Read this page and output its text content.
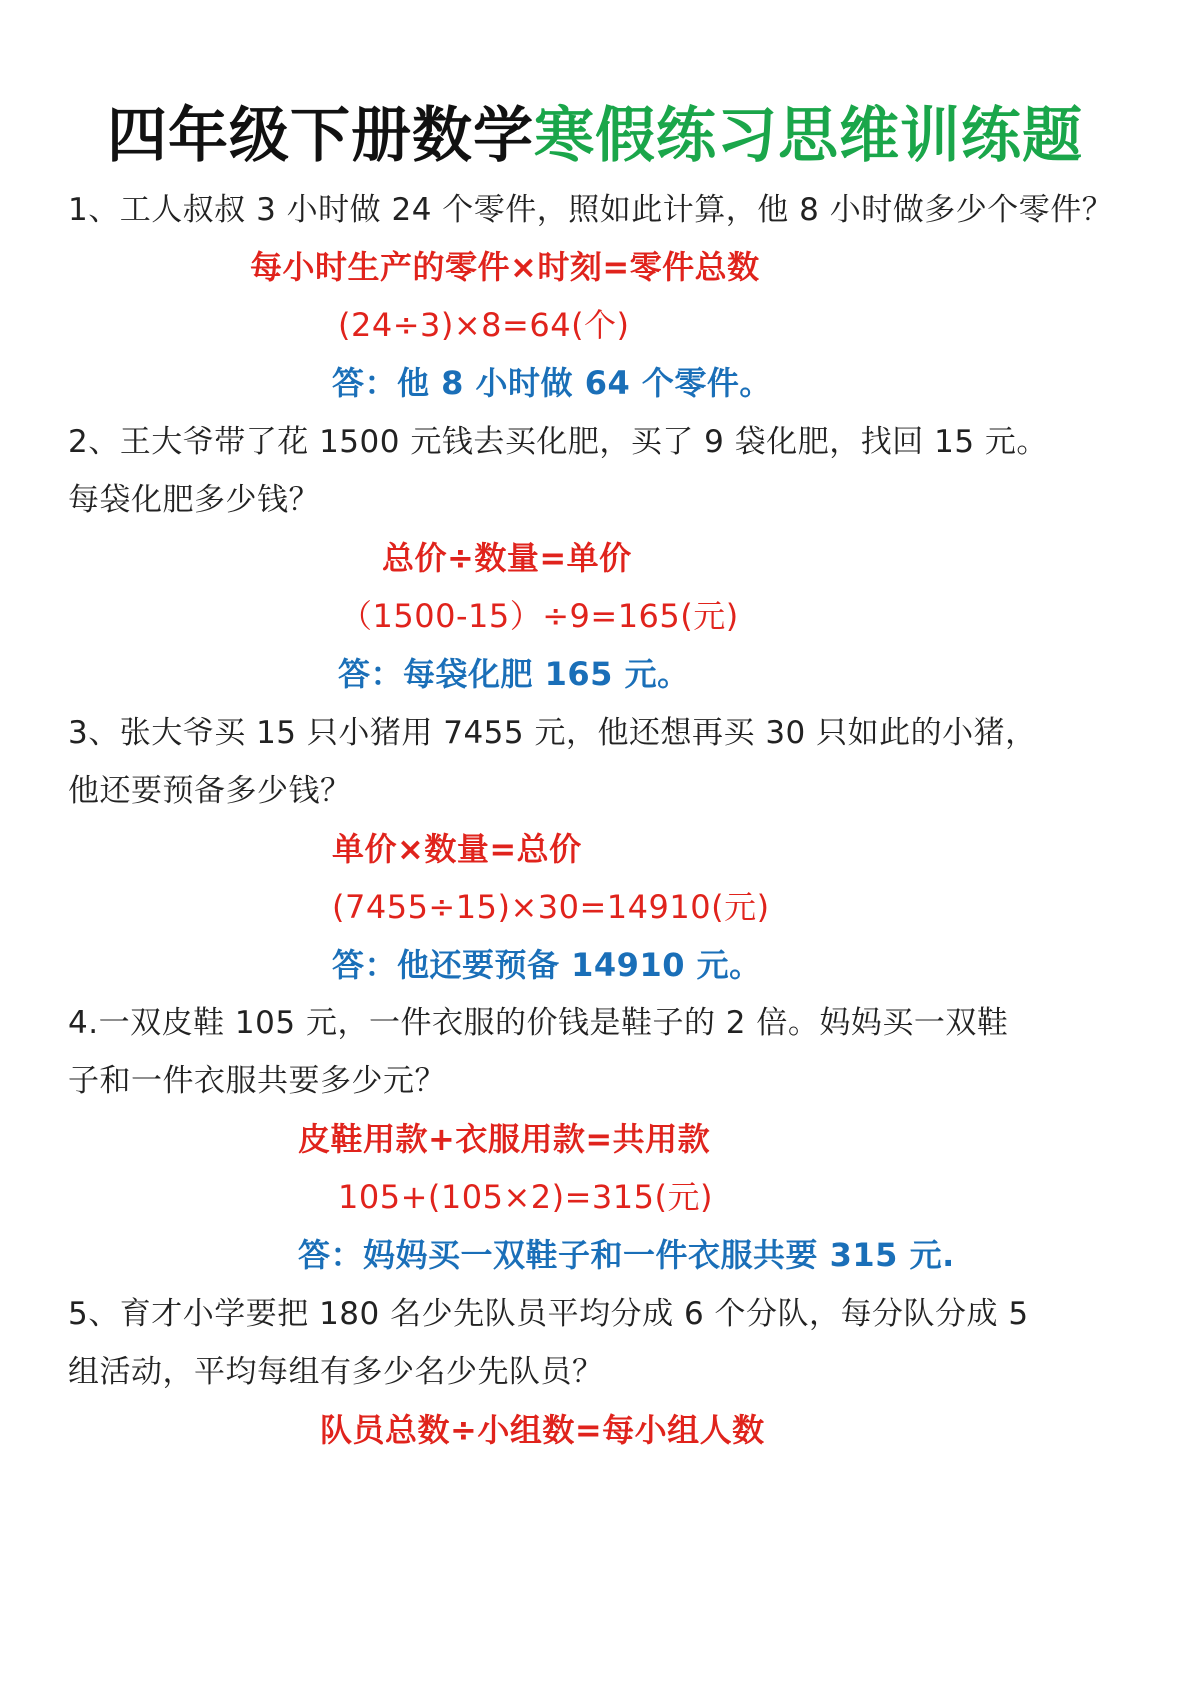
四年级下册数学寒假练习思维训练题
1、工人叔叔 3 小时做 24 个零件，照如此计算，他 8 小时做多少个零件？
每小时生产的零件×时刻=零件总数
(24÷3)×8=64(个)
答：他 8 小时做 64 个零件。
2、王大爷带了花 1500 元钱去买化肥，买了 9 袋化肥，找回 15 元。
每袋化肥多少钱？
总价÷数量=单价
（1500-15）÷9=165(元)
答：每袋化肥 165 元。
3、张大爷买 15 只小猪用 7455 元，他还想再买 30 只如此的小猪，
他还要预备多少钱？
单价×数量=总价
(7455÷15)×30=14910(元)
答：他还要预备 14910 元。
4.一双皮鞋 105 元，一件衣服的价钱是鞋子的 2 倍。妈妈买一双鞋
子和一件衣服共要多少元？
皮鞋用款+衣服用款=共用款
105+(105×2)=315(元)
答：妈妈买一双鞋子和一件衣服共要 315 元.
5、育才小学要把 180 名少先队员平均分成 6 个分队，每分队分成 5
组活动，平均每组有多少名少先队员？
队员总数÷小组数=每小组人数
